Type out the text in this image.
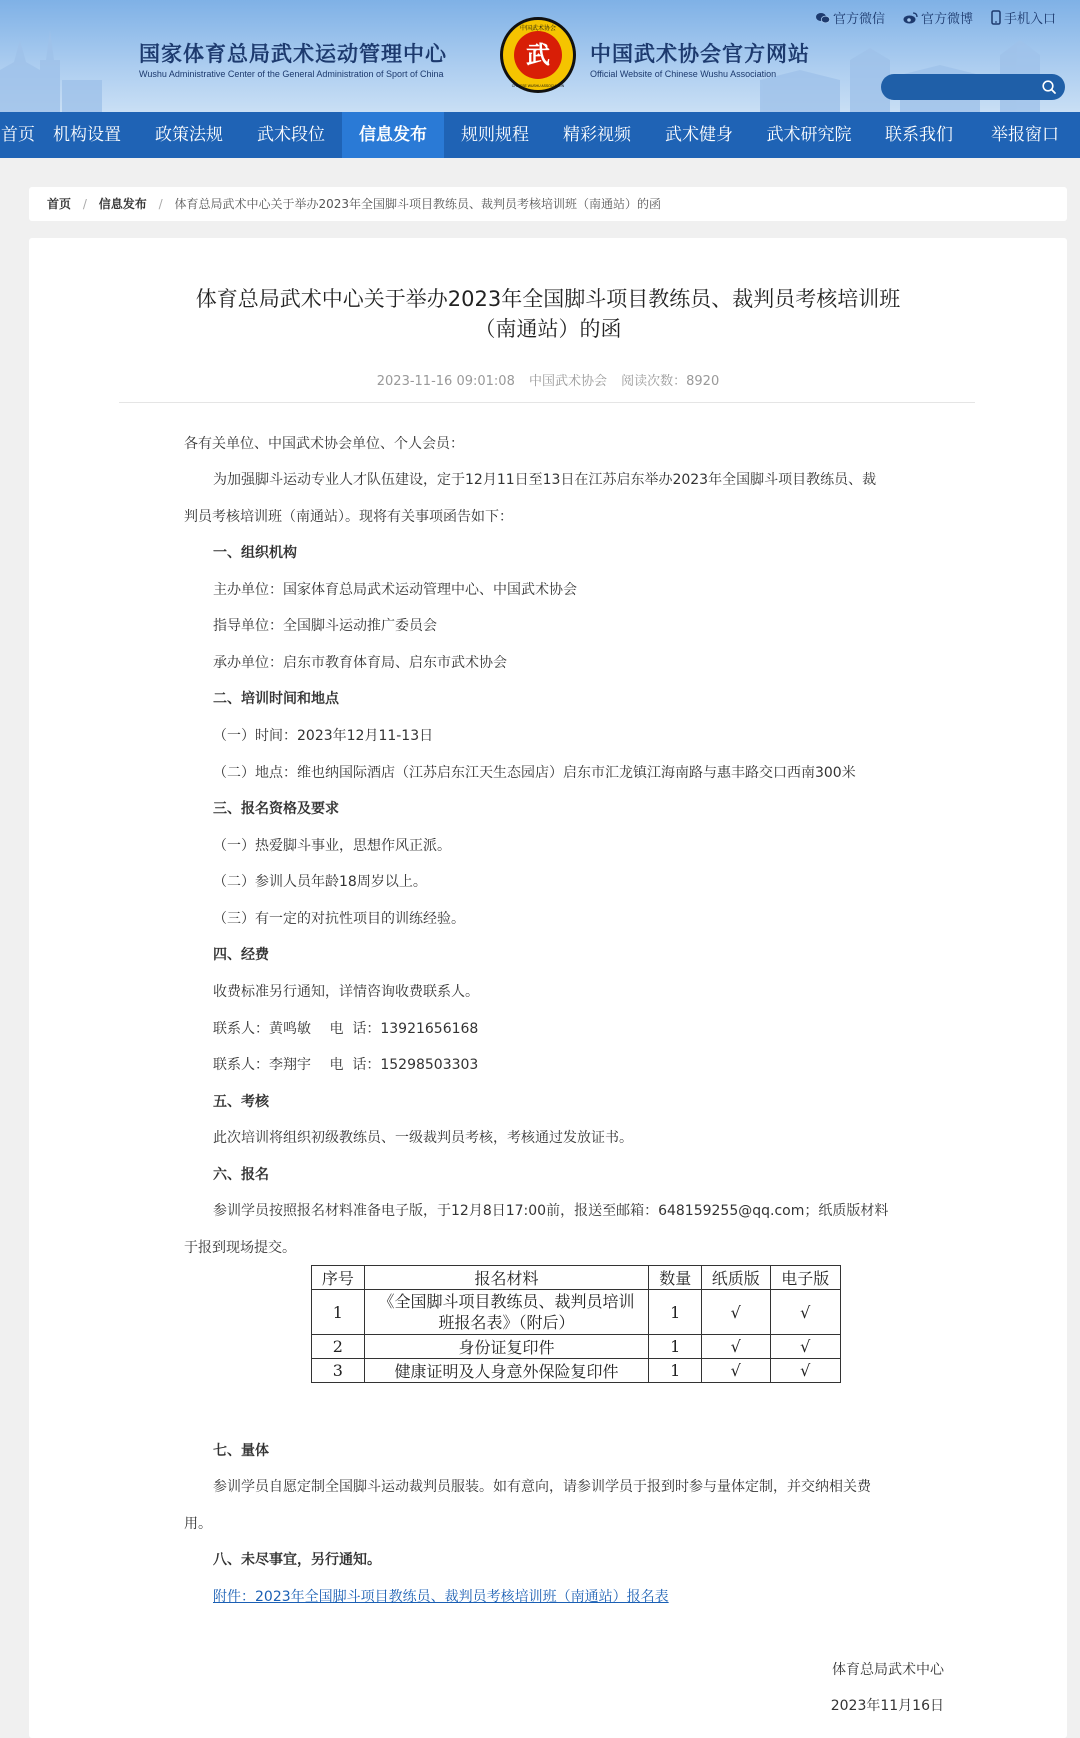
国家体育总局武术运动管理中心
Wushu Administrative Center of the General Administration of Sport of China
武
中国武术协会
CHINESE WUSHU ASSOCIATION
中国武术协会官方网站
Official Website of Chinese Wushu Association
官方微信	官方微博 手机入口
首页	机构设置	政策法规	武术段位	信息发布	规则规程	精彩视频	武术健身	武术研究院	联系我们	举报窗口
首页 / 信息发布 / 体育总局武术中心关于举办2023年全国脚斗项目教练员、裁判员考核培训班（南通站）的函
体育总局武术中心关于举办2023年全国脚斗项目教练员、裁判员考核培训班
（南通站）的函
2023-11-16 09:01:08 中国武术协会 阅读次数：8920
各有关单位、中国武术协会单位、个人会员：
为加强脚斗运动专业人才队伍建设，定于12月11日至13日在江苏启东举办2023年全国脚斗项目教练员、裁
判员考核培训班（南通站）。现将有关事项函告如下：
一、组织机构
主办单位：国家体育总局武术运动管理中心、中国武术协会
指导单位：全国脚斗运动推广委员会
承办单位：启东市教育体育局、启东市武术协会
二、培训时间和地点
（一）时间：2023年12月11-13日
（二）地点：维也纳国际酒店（江苏启东江天生态园店）启东市汇龙镇江海南路与惠丰路交口西南300米
三、报名资格及要求
（一）热爱脚斗事业，思想作风正派。
（二）参训人员年龄18周岁以上。
（三）有一定的对抗性项目的训练经验。
四、经费
收费标准另行通知，详情咨询收费联系人。
联系人：黄鸣敏　 电  话：13921656168
联系人：李翔宇　 电  话：15298503303
五、考核
此次培训将组织初级教练员、一级裁判员考核，考核通过发放证书。
六、报名
参训学员按照报名材料准备电子版，于12月8日17:00前，报送至邮箱：648159255@qq.com；纸质版材料
于报到现场提交。
序号	报名材料	数量	纸质版	电子版
1	《全国脚斗项目教练员、裁判员培训班报名表》（附后）	1	√	√
2	身份证复印件	1	√	√
3	健康证明及人身意外保险复印件	1	√	√
七、量体
参训学员自愿定制全国脚斗运动裁判员服装。如有意向，请参训学员于报到时参与量体定制，并交纳相关费
用。
八、未尽事宜，另行通知。
附件：2023年全国脚斗项目教练员、裁判员考核培训班（南通站）报名表
体育总局武术中心
2023年11月16日
